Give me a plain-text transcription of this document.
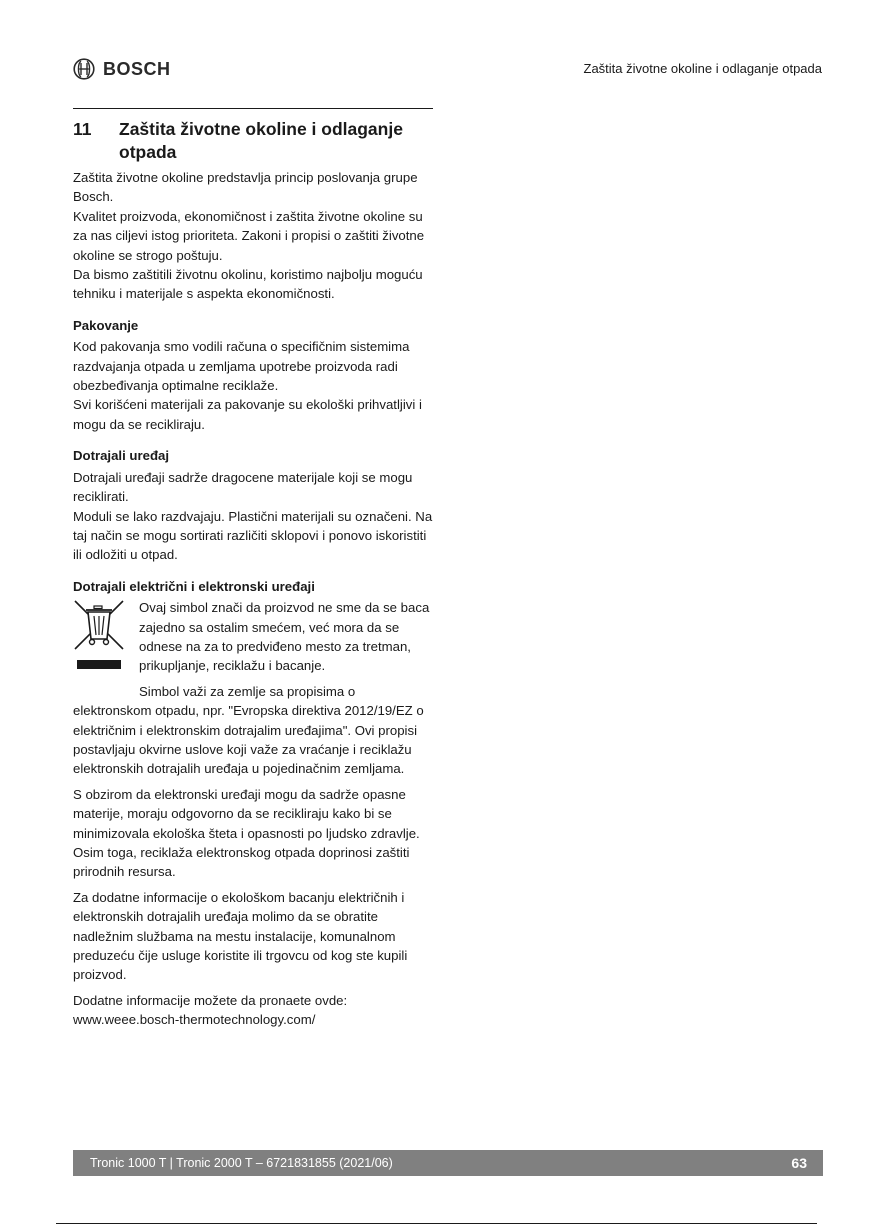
BOSCH	Zaštita životne okoline i odlaganje otpada
11	Zaštita životne okoline i odlaganje otpada

Zaštita životne okoline predstavlja princip poslovanja grupe Bosch.

Kvalitet proizvoda, ekonomičnost i zaštita životne okoline su za nas ciljevi istog prioriteta. Zakoni i propisi o zaštiti životne okoline se strogo poštuju.

Da bismo zaštitili životnu okolinu, koristimo najbolju moguću tehniku i materijale s aspekta ekonomičnosti.

Pakovanje

Kod pakovanja smo vodili računa o specifičnim sistemima razdvajanja otpada u zemljama upotrebe proizvoda radi obezbeđivanja optimalne reciklaže.

Svi korišćeni materijali za pakovanje su ekološki prihvatljivi i mogu da se recikliraju.

Dotrajali uređaj

Dotrajali uređaji sadrže dragocene materijale koji se mogu reciklirati.

Moduli se lako razdvajaju. Plastični materijali su označeni. Na taj način se mogu sortirati različiti sklopovi i ponovo iskoristiti ili odložiti u otpad.

Dotrajali električni i elektronski uređaji

Ovaj simbol znači da proizvod ne sme da se baca zajedno sa ostalim smećem, već mora da se odnese na za to predviđeno mesto za tretman, prikupljanje, reciklažu i bacanje.

Simbol važi za zemlje sa propisima o elektronskom otpadu, npr. "Evropska direktiva 2012/19/EZ o električnim i elektronskim dotrajalim uređajima". Ovi propisi postavljaju okvirne uslove koji važe za vraćanje i reciklažu elektronskih dotrajalih uređaja u pojedinačnim zemljama.

S obzirom da elektronski uređaji mogu da sadrže opasne materije, moraju odgovorno da se recikliraju kako bi se minimizovala ekološka šteta i opasnosti po ljudsko zdravlje. Osim toga, reciklaža elektronskog otpada doprinosi zaštiti prirodnih resursa.

Za dodatne informacije o ekološkom bacanju električnih i elektronskih dotrajalih uređaja molimo da se obratite nadležnim službama na mestu instalacije, komunalnom preduzeću čije usluge koristite ili trgovcu od kog ste kupili proizvod.

Dodatne informacije možete da pronaete ovde:
www.weee.bosch-thermotechnology.com/

Tronic 1000 T | Tronic 2000 T – 6721831855 (2021/06)	63
